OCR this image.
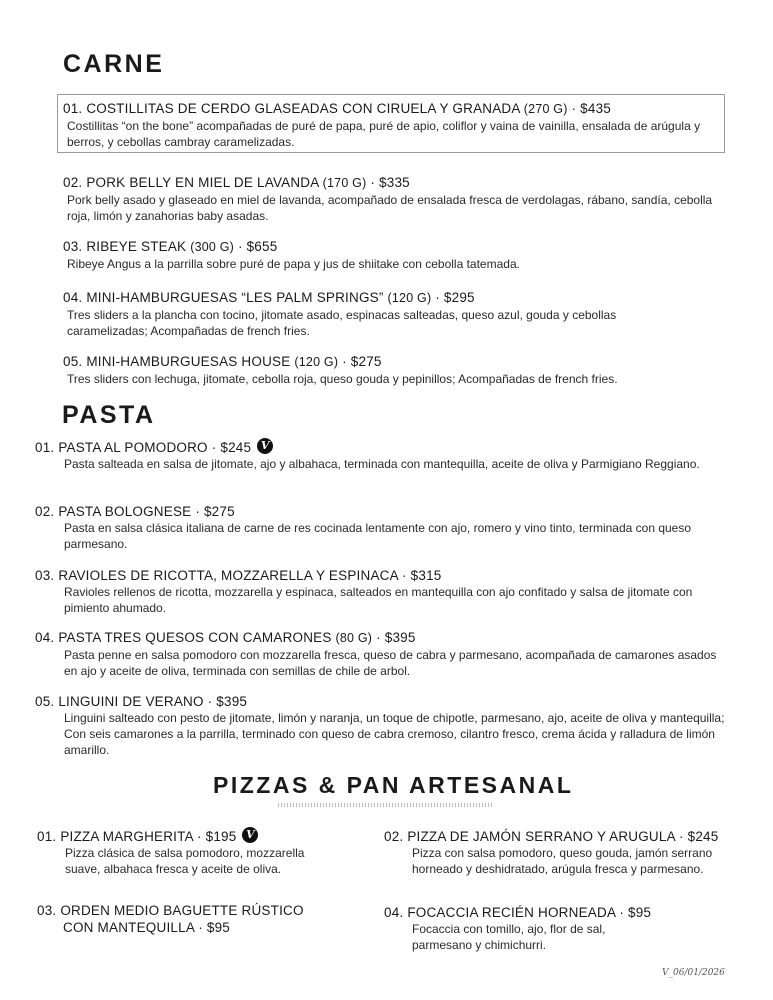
CARNE
01. COSTILLITAS DE CERDO GLASEADAS CON CIRUELA Y GRANADA (270 G) · $435
Costillitas “on the bone” acompañadas de puré de papa, puré de apio, coliflor y vaina de vainilla, ensalada de arúgula y berros, y cebollas cambray caramelizadas.
02. PORK BELLY EN MIEL DE LAVANDA (170 G) · $335
Pork belly asado y glaseado en miel de lavanda, acompañado de ensalada fresca de verdolagas, rábano, sandía, cebolla roja, limón y zanahorias baby asadas.
03. RIBEYE STEAK (300 G) · $655
Ribeye Angus a la parrilla sobre puré de papa y jus de shiitake con cebolla tatemada.
04. MINI-HAMBURGUESAS “LES PALM SPRINGS” (120 G) · $295
Tres sliders a la plancha con tocino, jitomate asado, espinacas salteadas, queso azul, gouda y cebollas caramelizadas; Acompañadas de french fries.
05. MINI-HAMBURGUESAS HOUSE (120 G) · $275
Tres sliders con lechuga, jitomate, cebolla roja, queso gouda y pepinillos; Acompañadas de french fries.
PASTA
01. PASTA AL POMODORO · $245 V
Pasta salteada en salsa de jitomate, ajo y albahaca, terminada con mantequilla, aceite de oliva y Parmigiano Reggiano.
02. PASTA BOLOGNESE · $275
Pasta en salsa clásica italiana de carne de res cocinada lentamente con ajo, romero y vino tinto, terminada con queso parmesano.
03. RAVIOLES DE RICOTTA, MOZZARELLA Y ESPINACA · $315
Ravioles rellenos de ricotta, mozzarella y espinaca, salteados en mantequilla con ajo confitado y salsa de jitomate con pimiento ahumado.
04. PASTA TRES QUESOS CON CAMARONES (80 G) · $395
Pasta penne en salsa pomodoro con mozzarella fresca, queso de cabra y parmesano, acompañada de camarones asados en ajo y aceite de oliva, terminada con semillas de chile de arbol.
05. LINGUINI DE VERANO · $395
Linguini salteado con pesto de jitomate, limón y naranja, un toque de chipotle, parmesano, ajo, aceite de oliva y mantequilla; Con seis camarones a la parrilla, terminado con queso de cabra cremoso, cilantro fresco, crema ácida y ralladura de limón amarillo.
PIZZAS & PAN ARTESANAL
01. PIZZA MARGHERITA · $195 V
Pizza clásica de salsa pomodoro, mozzarella suave, albahaca fresca y aceite de oliva.
02. PIZZA DE JAMÓN SERRANO Y ARUGULA · $245
Pizza con salsa pomodoro, queso gouda, jamón serrano horneado y deshidratado, arúgula fresca y parmesano.
03. ORDEN MEDIO BAGUETTE RÚSTICO
CON MANTEQUILLA · $95
04. FOCACCIA RECIÉN HORNEADA · $95
Focaccia con tomillo, ajo, flor de sal, parmesano y chimichurri.
V_06/01/2026
